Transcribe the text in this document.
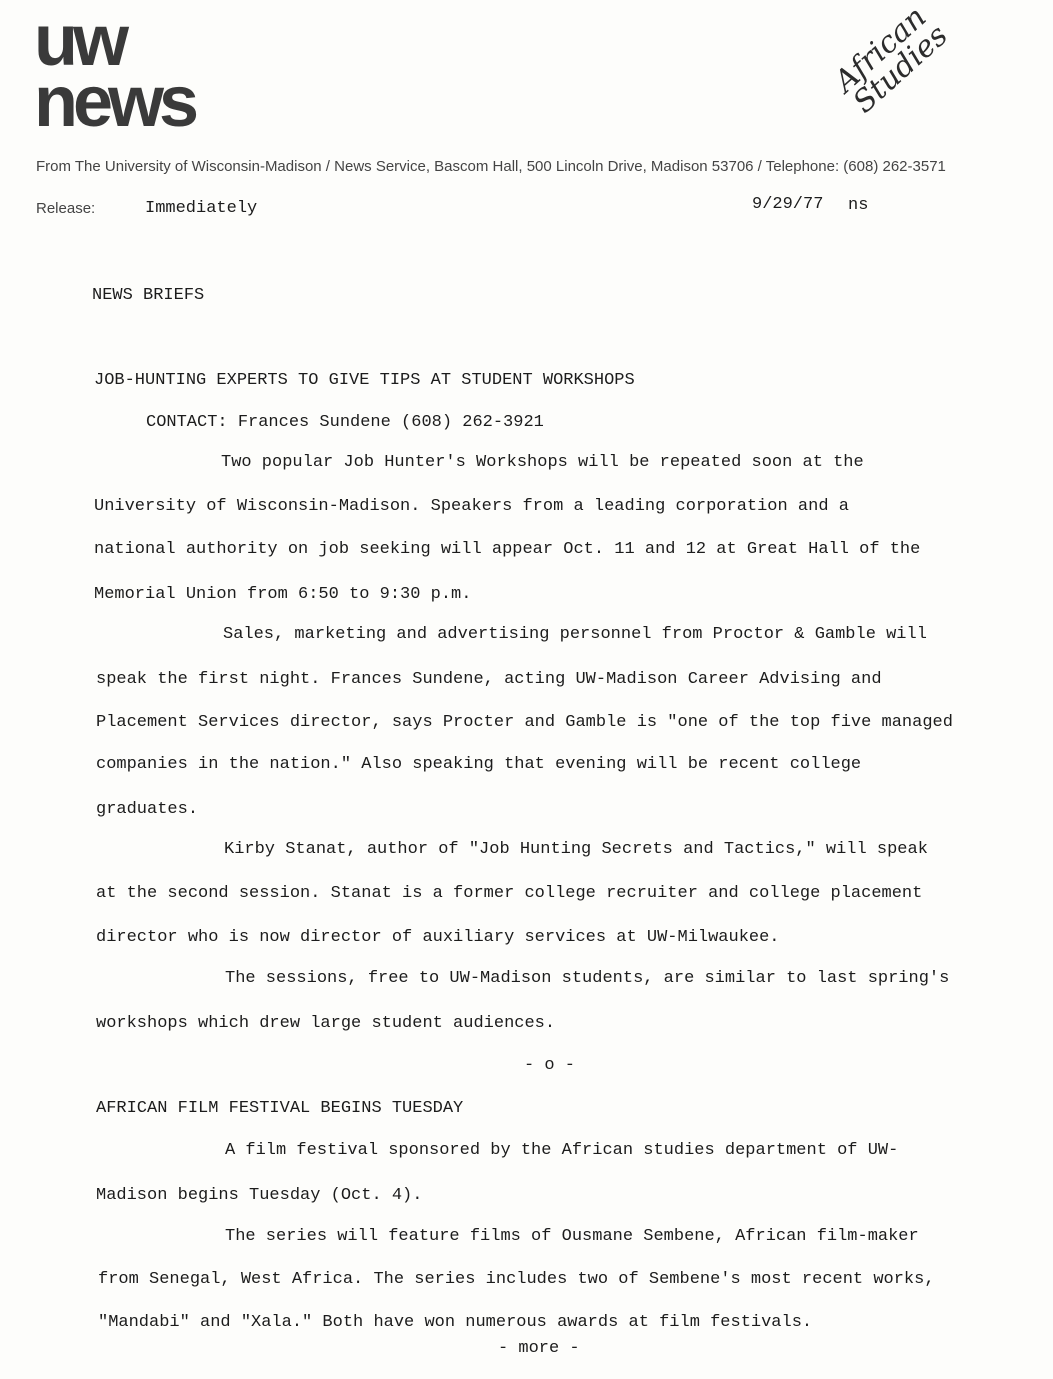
uw
news
African Studies
From The University of Wisconsin-Madison / News Service, Bascom Hall, 500 Lincoln Drive, Madison 53706 / Telephone: (608) 262-3571
Release:	Immediately	9/29/77 ns
NEWS BRIEFS
JOB-HUNTING EXPERTS TO GIVE TIPS AT STUDENT WORKSHOPS
CONTACT: Frances Sundene (608) 262-3921
Two popular Job Hunter's Workshops will be repeated soon at the
University of Wisconsin-Madison. Speakers from a leading corporation and a
national authority on job seeking will appear Oct. 11 and 12 at Great Hall of the
Memorial Union from 6:50 to 9:30 p.m.
Sales, marketing and advertising personnel from Proctor & Gamble will
speak the first night. Frances Sundene, acting UW-Madison Career Advising and
Placement Services director, says Procter and Gamble is "one of the top five managed
companies in the nation." Also speaking that evening will be recent college
graduates.
Kirby Stanat, author of "Job Hunting Secrets and Tactics," will speak
at the second session. Stanat is a former college recruiter and college placement
director who is now director of auxiliary services at UW-Milwaukee.
The sessions, free to UW-Madison students, are similar to last spring's
workshops which drew large student audiences.
- o -
AFRICAN FILM FESTIVAL BEGINS TUESDAY
A film festival sponsored by the African studies department of UW-
Madison begins Tuesday (Oct. 4).
The series will feature films of Ousmane Sembene, African film-maker
from Senegal, West Africa. The series includes two of Sembene's most recent works,
"Mandabi" and "Xala." Both have won numerous awards at film festivals.
- more -
